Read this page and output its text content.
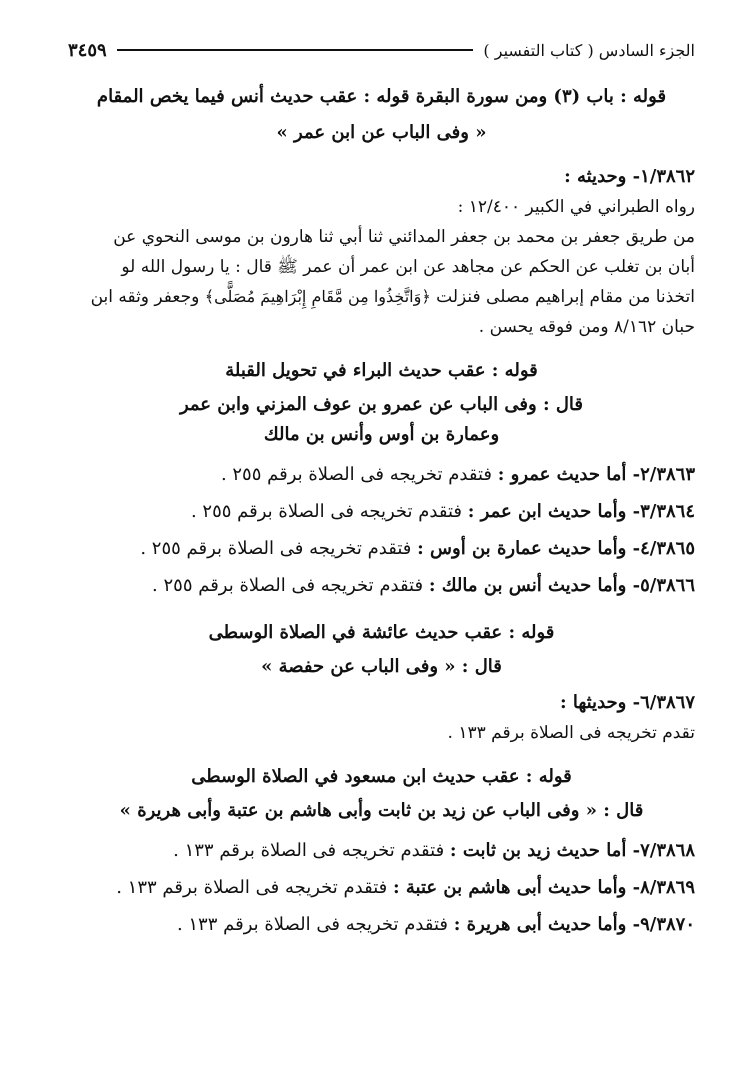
الجزء السادس ( كتاب التفسير )
٣٤٥٩
قوله : باب (٣) ومن سورة البقرة قوله : عقب حديث أنس فيما يخص المقام
« وفى الباب عن ابن عمر »
١/٣٨٦٢- وحديثه :
رواه الطبراني في الكبير ١٢/٤٠٠ :
من طريق جعفر بن محمد بن جعفر المدائني ثنا أبي ثنا هارون بن موسى النحوي عن
أبان بن تغلب عن الحكم عن مجاهد عن ابن عمر أن عمر ﷺ قال : يا رسول الله لو
اتخذنا من مقام إبراهيم مصلى فنزلت ﴿وَاتَّخِذُوا مِن مَّقَامِ إِبْرَاهِيمَ مُصَلًّى﴾ وجعفر وثقه ابن
حبان ٨/١٦٢ ومن فوقه يحسن .
قوله : عقب حديث البراء في تحويل القبلة
قال : وفى الباب عن عمرو بن عوف المزني وابن عمر
وعمارة بن أوس وأنس بن مالك
٢/٣٨٦٣- أما حديث عمرو : فتقدم تخريجه فى الصلاة برقم ٢٥٥ .
٣/٣٨٦٤- وأما حديث ابن عمر : فتقدم تخريجه فى الصلاة برقم ٢٥٥ .
٤/٣٨٦٥- وأما حديث عمارة بن أوس : فتقدم تخريجه فى الصلاة برقم ٢٥٥ .
٥/٣٨٦٦- وأما حديث أنس بن مالك : فتقدم تخريجه فى الصلاة برقم ٢٥٥ .
قوله : عقب حديث عائشة في الصلاة الوسطى
قال : « وفى الباب عن حفصة »
٦/٣٨٦٧- وحديثها :
تقدم تخريجه فى الصلاة برقم ١٣٣ .
قوله : عقب حديث ابن مسعود في الصلاة الوسطى
قال : « وفى الباب عن زيد بن ثابت وأبى هاشم بن عتبة وأبى هريرة »
٧/٣٨٦٨- أما حديث زيد بن ثابت : فتقدم تخريجه فى الصلاة برقم ١٣٣ .
٨/٣٨٦٩- وأما حديث أبى هاشم بن عتبة : فتقدم تخريجه فى الصلاة برقم ١٣٣ .
٩/٣٨٧٠- وأما حديث أبى هريرة : فتقدم تخريجه فى الصلاة برقم ١٣٣ .
